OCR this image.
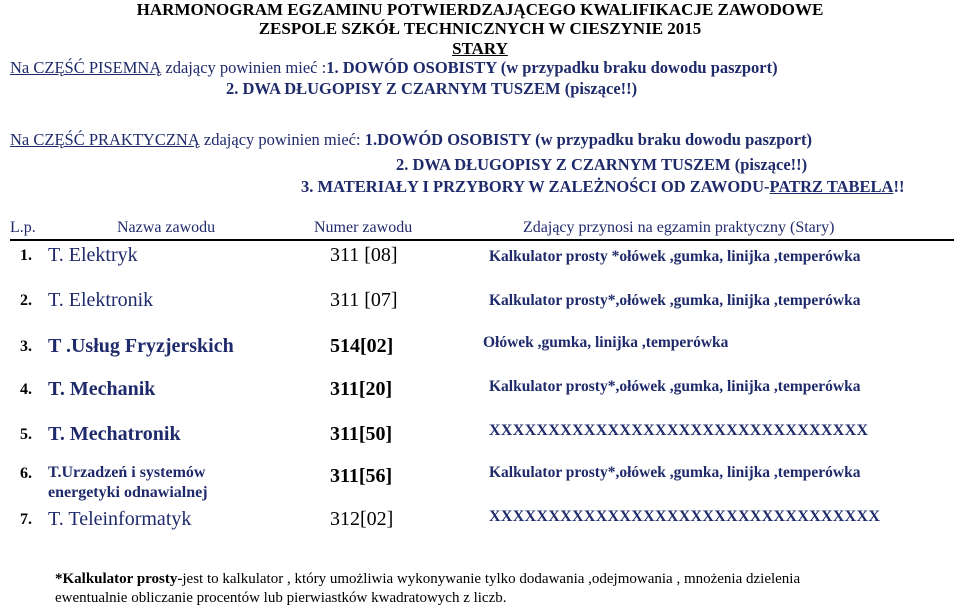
HARMONOGRAM EGZAMINU POTWIERDZAJĄCEGO KWALIFIKACJE ZAWODOWE
ZESPOLE SZKÓŁ TECHNICZNYCH W CIESZYNIE 2015
STARY
Na CZĘŚĆ PISEMNĄ zdający powinien mieć :1. DOWÓD OSOBISTY (w przypadku braku dowodu paszport)
2. DWA DŁUGOPISY Z CZARNYM TUSZEM (piszące!!)
Na CZĘŚĆ PRAKTYCZNĄ zdający powinien mieć: 1.DOWÓD OSOBISTY (w przypadku braku dowodu paszport)
2. DWA DŁUGOPISY Z CZARNYM TUSZEM (piszące!!)
3. MATERIAŁY I PRZYBORY W ZALEŻNOŚCI OD ZAWODU-PATRZ TABELA!!
L.p.	Nazwa zawodu	Numer zawodu	Zdający przynosi na egzamin praktyczny (Stary)
1. T. Elektryk	311 [08]	Kalkulator prosty *ołówek ,gumka, linijka ,temperówka
2. T. Elektronik	311 [07]	Kalkulator prosty*,ołówek ,gumka, linijka ,temperówka
3. T .Usług Fryzjerskich	514[02]	Ołówek ,gumka, linijka ,temperówka
4. T. Mechanik	311[20]	Kalkulator prosty*,ołówek ,gumka, linijka ,temperówka
5. T. Mechatronik	311[50]	XXXXXXXXXXXXXXXXXXXXXXXXXXXXXXXX
6. T.Urzadzeń i systemów
energetyki odnawialnej
311[56]	Kalkulator prosty*,ołówek ,gumka, linijka ,temperówka
7. T. Teleinformatyk	312[02]	XXXXXXXXXXXXXXXXXXXXXXXXXXXXXXXXX
*Kalkulator prosty-jest to kalkulator , który umożliwia wykonywanie tylko dodawania ,odejmowania , mnożenia dzielenia
ewentualnie obliczanie procentów lub pierwiastków kwadratowych z liczb.
